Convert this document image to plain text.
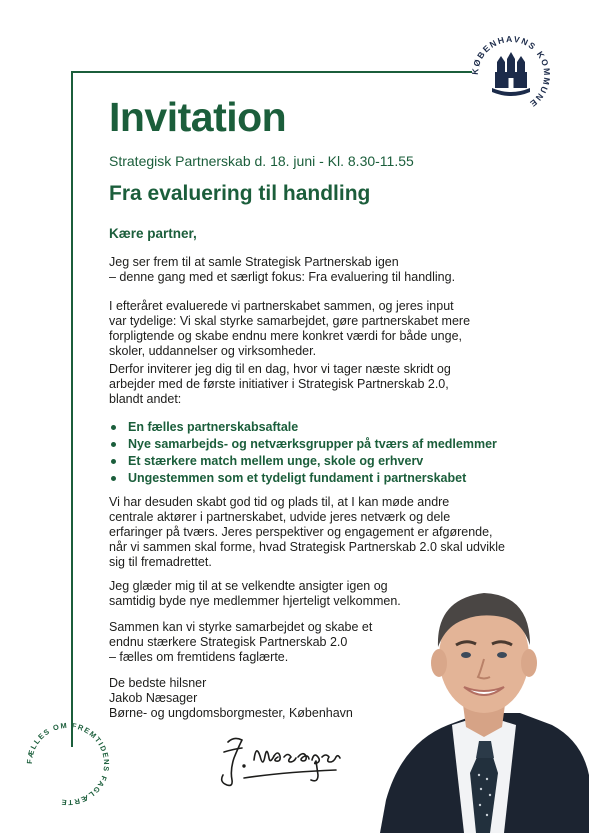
KØBENHAVNS KOMMUNE
Invitation

Strategisk Partnerskab d. 18. juni - Kl. 8.30-11.55

Fra evaluering til handling

Kære partner,

Jeg ser frem til at samle Strategisk Partnerskab igen
– denne gang med et særligt fokus: Fra evaluering til handling.
I efteråret evaluerede vi partnerskabet sammen, og jeres input
var tydelige: Vi skal styrke samarbejdet, gøre partnerskabet mere
forpligtende og skabe endnu mere konkret værdi for både unge,
skoler, uddannelser og virksomheder.
Derfor inviterer jeg dig til en dag, hvor vi tager næste skridt og
arbejder med de første initiativer i Strategisk Partnerskab 2.0,
blandt andet:
En fælles partnerskabsaftale
Nye samarbejds- og netværksgrupper på tværs af medlemmer
Et stærkere match mellem unge, skole og erhverv
Ungestemmen som et tydeligt fundament i partnerskabet
Vi har desuden skabt god tid og plads til, at I kan møde andre
centrale aktører i partnerskabet, udvide jeres netværk og dele
erfaringer på tværs. Jeres perspektiver og engagement er afgørende,
når vi sammen skal forme, hvad Strategisk Partnerskab 2.0 skal udvikle
sig til fremadrettet.
Jeg glæder mig til at se velkendte ansigter igen og
samtidig byde nye medlemmer hjerteligt velkommen.
Sammen kan vi styrke samarbejdet og skabe et
endnu stærkere Strategisk Partnerskab 2.0
– fælles om fremtidens faglærte.
De bedste hilsner
Jakob Næsager
Børne- og ungdomsborgmester, København
FÆLLES OM FREMTIDENS FAGLÆRTE
